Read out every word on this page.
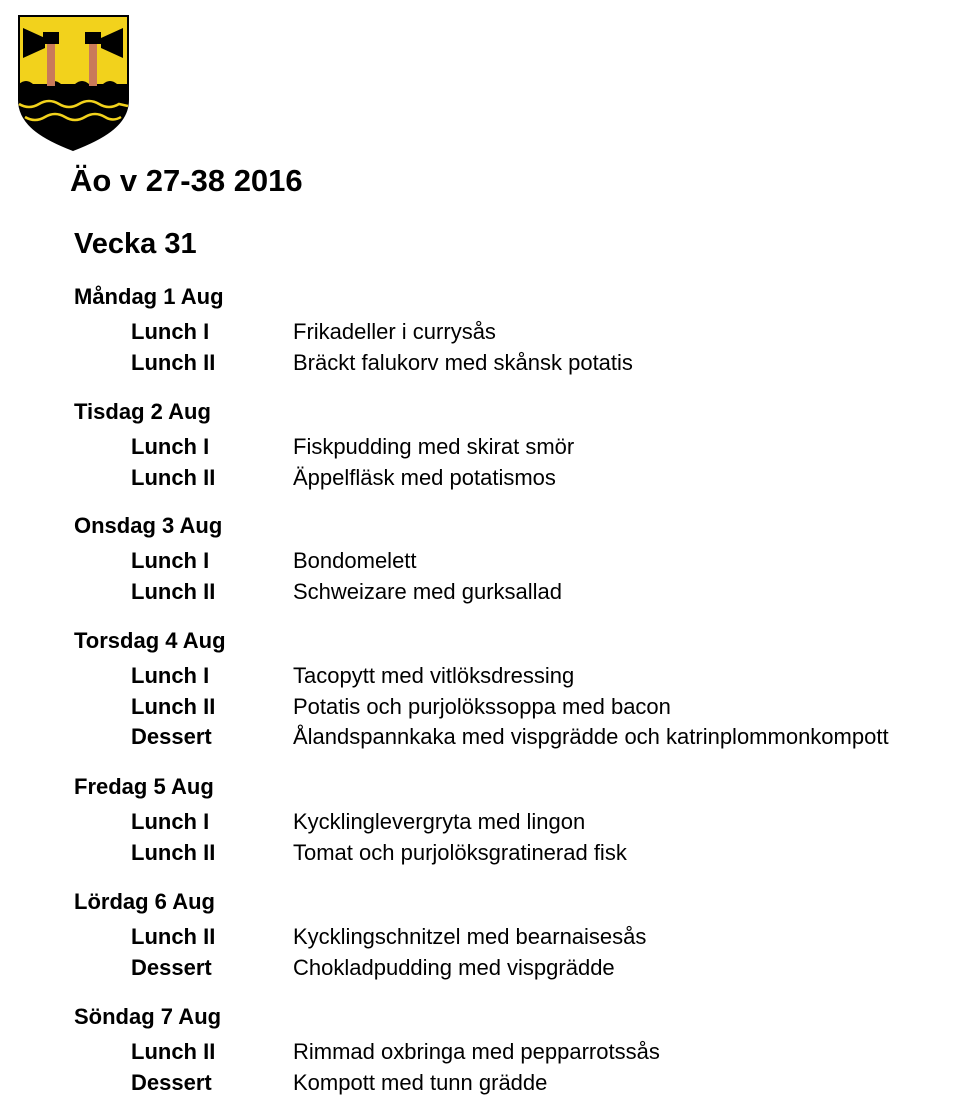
Äo v 27-38 2016
Vecka 31
Måndag 1 Aug
Lunch I	Frikadeller i currysås
Lunch II	Bräckt falukorv med skånsk potatis
Tisdag 2 Aug
Lunch I	Fiskpudding med skirat smör
Lunch II	Äppelfläsk med potatismos
Onsdag 3 Aug
Lunch I	Bondomelett
Lunch II	Schweizare med gurksallad
Torsdag 4 Aug
Lunch I	Tacopytt med vitlöksdressing
Lunch II	Potatis och purjolökssoppa med bacon
Dessert	Ålandspannkaka med vispgrädde och katrinplommonkompott
Fredag 5 Aug
Lunch I	Kycklinglevergryta med lingon
Lunch II	Tomat och purjolöksgratinerad fisk
Lördag 6 Aug
Lunch II	Kycklingschnitzel med bearnaisesås
Dessert	Chokladpudding med vispgrädde
Söndag 7 Aug
Lunch II	Rimmad oxbringa med pepparrotssås
Dessert	Kompott med tunn grädde
